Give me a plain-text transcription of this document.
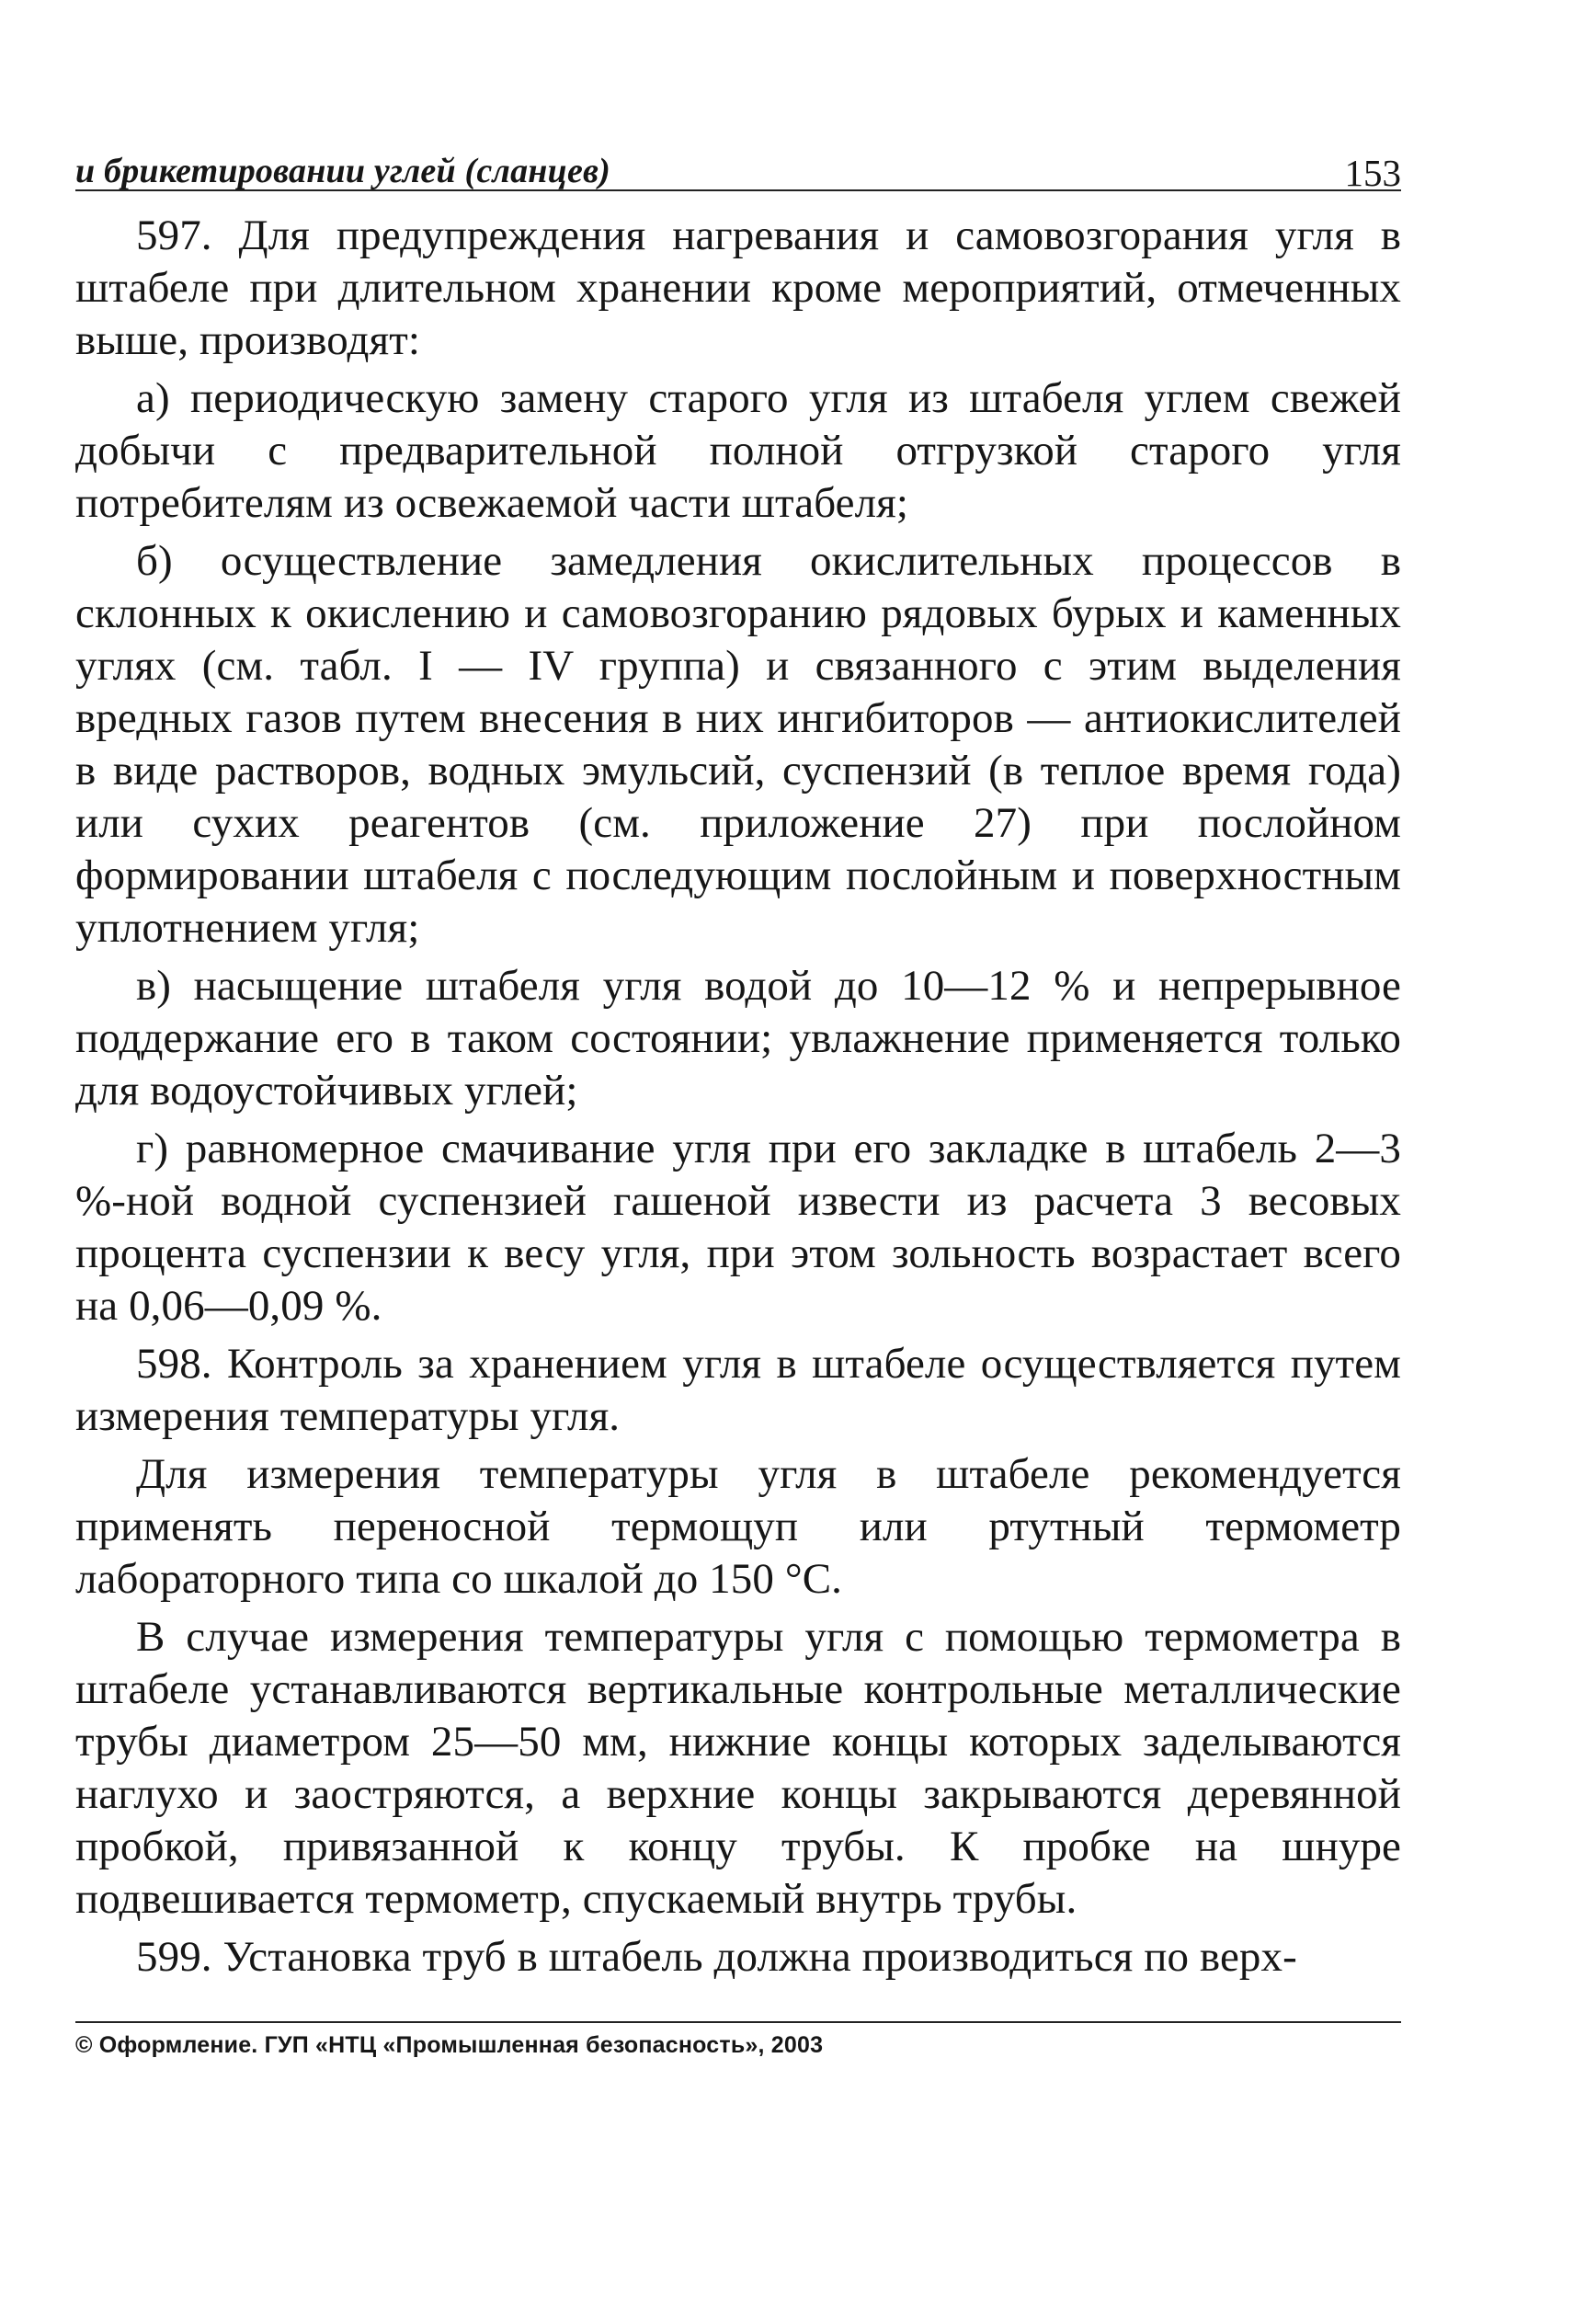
и брикетировании углей (сланцев)	153

597. Для предупреждения нагревания и самовозгорания угля в штабеле при длительном хранении кроме мероприятий, отмеченных выше, производят:

а) периодическую замену старого угля из штабеля углем свежей добычи с предварительной полной отгрузкой старого угля потребителям из освежаемой части штабеля;

б) осуществление замедления окислительных процессов в склонных к окислению и самовозгоранию рядовых бурых и каменных углях (см. табл. I — IV группа) и связанного с этим выделения вредных газов путем внесения в них ингибиторов — антиокислителей в виде растворов, водных эмульсий, суспензий (в теплое время года) или сухих реагентов (см. приложение 27) при послойном формировании штабеля с последующим послойным и поверхностным уплотнением угля;

в) насыщение штабеля угля водой до 10—12 % и непрерывное поддержание его в таком состоянии; увлажнение применяется только для водоустойчивых углей;

г) равномерное смачивание угля при его закладке в штабель 2—3 %-ной водной суспензией гашеной извести из расчета 3 весовых процента суспензии к весу угля, при этом зольность возрастает всего на 0,06—0,09 %.

598. Контроль за хранением угля в штабеле осуществляется путем измерения температуры угля.

Для измерения температуры угля в штабеле рекомендуется применять переносной термощуп или ртутный термометр лабораторного типа со шкалой до 150 °С.

В случае измерения температуры угля с помощью термометра в штабеле устанавливаются вертикальные контрольные металлические трубы диаметром 25—50 мм, нижние концы которых заделываются наглухо и заостряются, а верхние концы закрываются деревянной пробкой, привязанной к концу трубы. К пробке на шнуре подвешивается термометр, спускаемый внутрь трубы.

599. Установка труб в штабель должна производиться по верх-

© Оформление. ГУП «НТЦ «Промышленная безопасность», 2003
